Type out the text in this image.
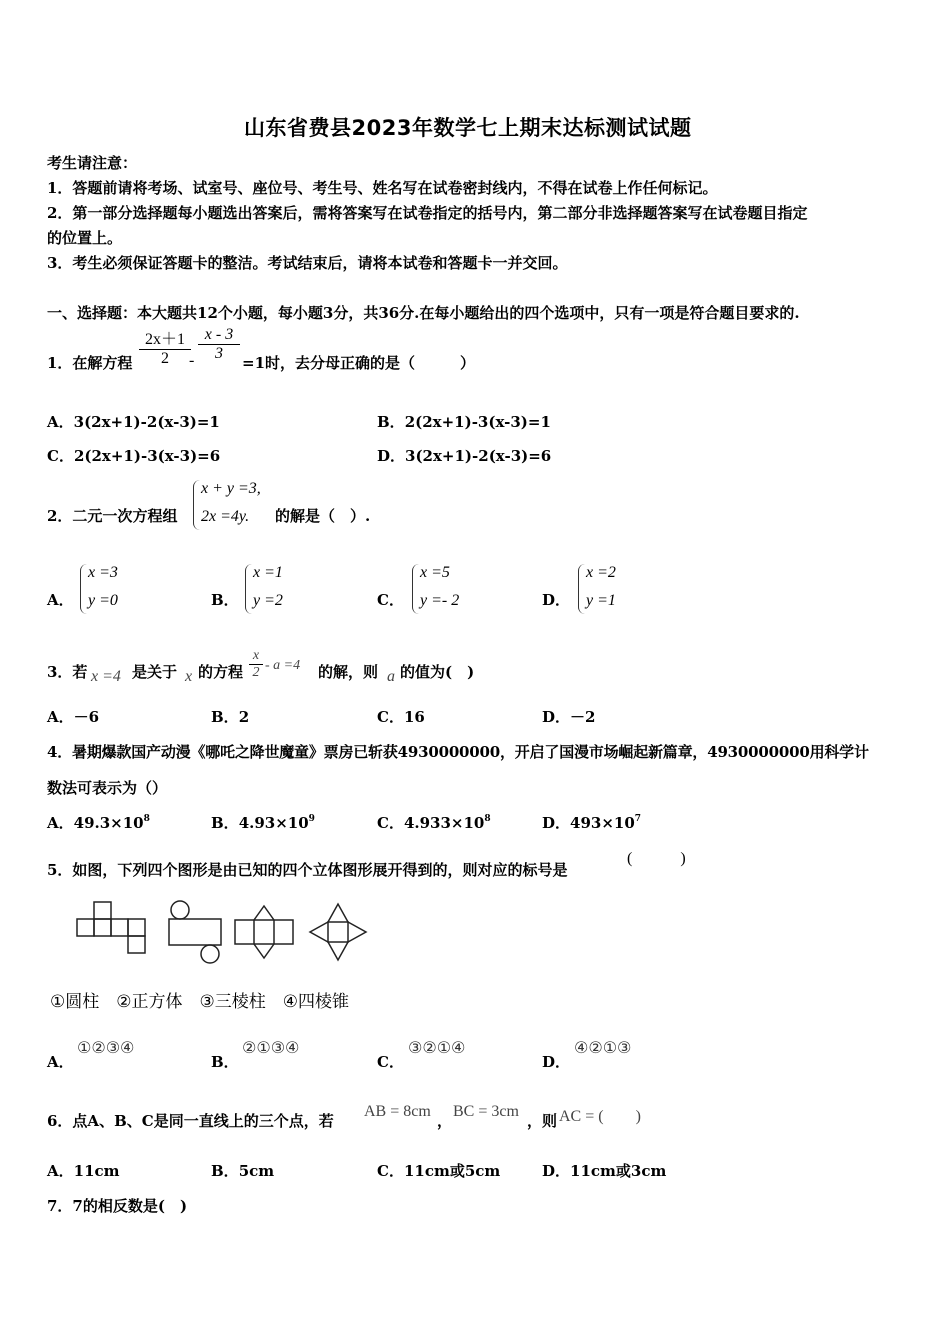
山东省费县2023年数学七上期末达标测试试题
考生请注意：
1．答题前请将考场、试室号、座位号、考生号、姓名写在试卷密封线内，不得在试卷上作任何标记。
2．第一部分选择题每小题选出答案后，需将答案写在试卷指定的括号内，第二部分非选择题答案写在试卷题目指定
的位置上。
3．考生必须保证答题卡的整洁。考试结束后，请将本试卷和答题卡一并交回。
一、选择题：本大题共12个小题，每小题3分，共36分.在每小题给出的四个选项中，只有一项是符合题目要求的.
1．在解方程
2x＋1
2	-
x - 3
3
=1时，去分母正确的是（　　　）
A．3(2x+1)-2(x-3)=1	B．2(2x+1)-3(x-3)=1
C．2(2x+1)-3(x-3)=6	D．3(2x+1)-2(x-3)=6
2．二元一次方程组
x + y =3,
2x =4y. 的解是（　）.
A．
x =3
y =0	B．
x =1
y =2	C．
x =5
y =- 2	D．
x =2
y =1
3．若 x =4 是关于 x 的方程
x
2 - a =4 的解，则 a 的值为(　)
A．－6	B．2	C．16	D．－2
4．暑期爆款国产动漫《哪吒之降世魔童》票房已斩获4930000000，开启了国漫市场崛起新篇章，4930000000用科学计
数法可表示为（）
A．$49.3\times 10^8$	B．$4.93\times 10^9$	C．$4.933\times 10^8$	D．$493\times 10^7$
5．如图，下列四个图形是由已知的四个立体图形展开得到的，则对应的标号是
(　　　)
①圆柱　②正方体　③三棱柱　④四棱锥
A．
①②③④
B．
②①③④
C．
③②①④
D．
④②①③
6．点A、B、C是同一直线上的三个点，若
AB = 8cm
，
BC = 3cm
，则 AC = (　　)
A．11cm	B．5cm	C．11cm或5cm	D．11cm或3cm
7．7的相反数是(　)
